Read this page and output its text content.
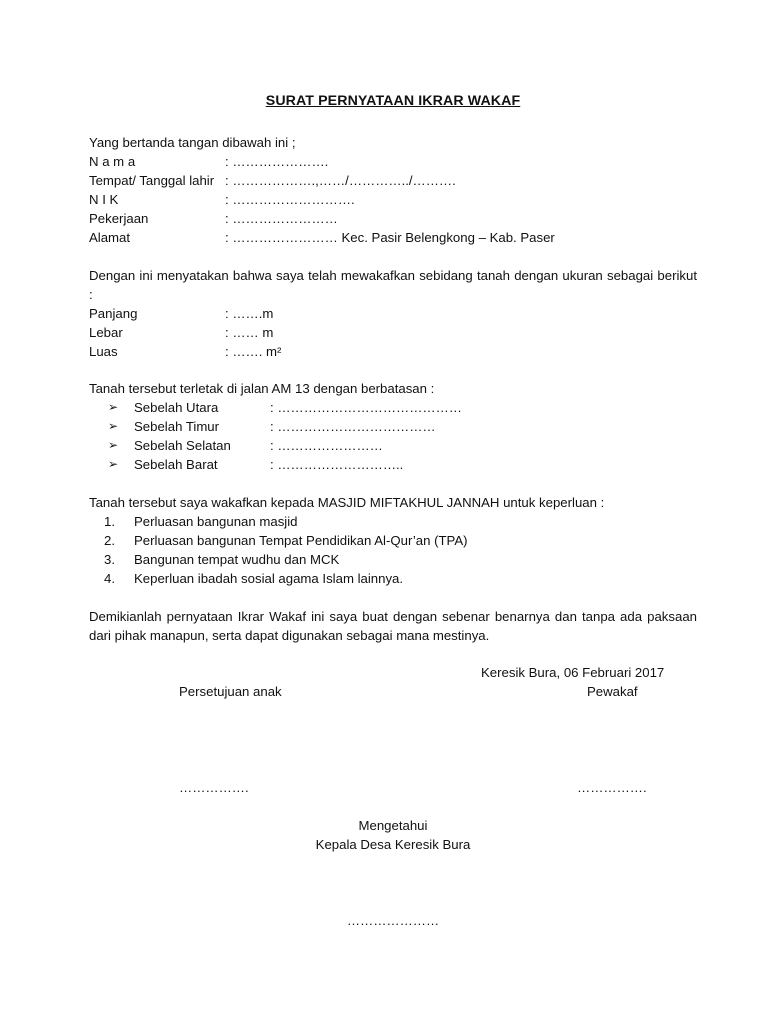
SURAT PERNYATAAN IKRAR WAKAF
Yang bertanda tangan dibawah ini ;
N a m a	: ………………….
Tempat/ Tanggal lahir : ……………….,……/…………../……….
N I K	: ……………………….
Pekerjaan	: ……………………
Alamat	: …………………… Kec. Pasir Belengkong – Kab. Paser
Dengan ini menyatakan bahwa saya telah mewakafkan sebidang tanah dengan ukuran sebagai berikut :
Panjang	: …….m
Lebar	: …… m
Luas	: ……. m²
Tanah tersebut terletak di jalan AM 13 dengan berbatasan :
➢ Sebelah Utara	: ……………………………………
➢ Sebelah Timur	: ………………………………
➢ Sebelah Selatan	: ……………………
➢ Sebelah Barat	: ………………………..
Tanah tersebut saya wakafkan kepada MASJID MIFTAKHUL JANNAH untuk keperluan :
1. Perluasan bangunan masjid
2. Perluasan bangunan Tempat Pendidikan Al-Qur’an (TPA)
3. Bangunan tempat wudhu dan MCK
4. Keperluan ibadah sosial agama Islam lainnya.
Demikianlah pernyataan Ikrar Wakaf ini saya buat dengan sebenar benarnya dan tanpa ada paksaan dari pihak manapun, serta dapat digunakan sebagai mana mestinya.
Keresik Bura, 06 Februari 2017
Persetujuan anak	Pewakaf
…………….	…………….
Mengetahui
Kepala Desa Keresik Bura
…………………
